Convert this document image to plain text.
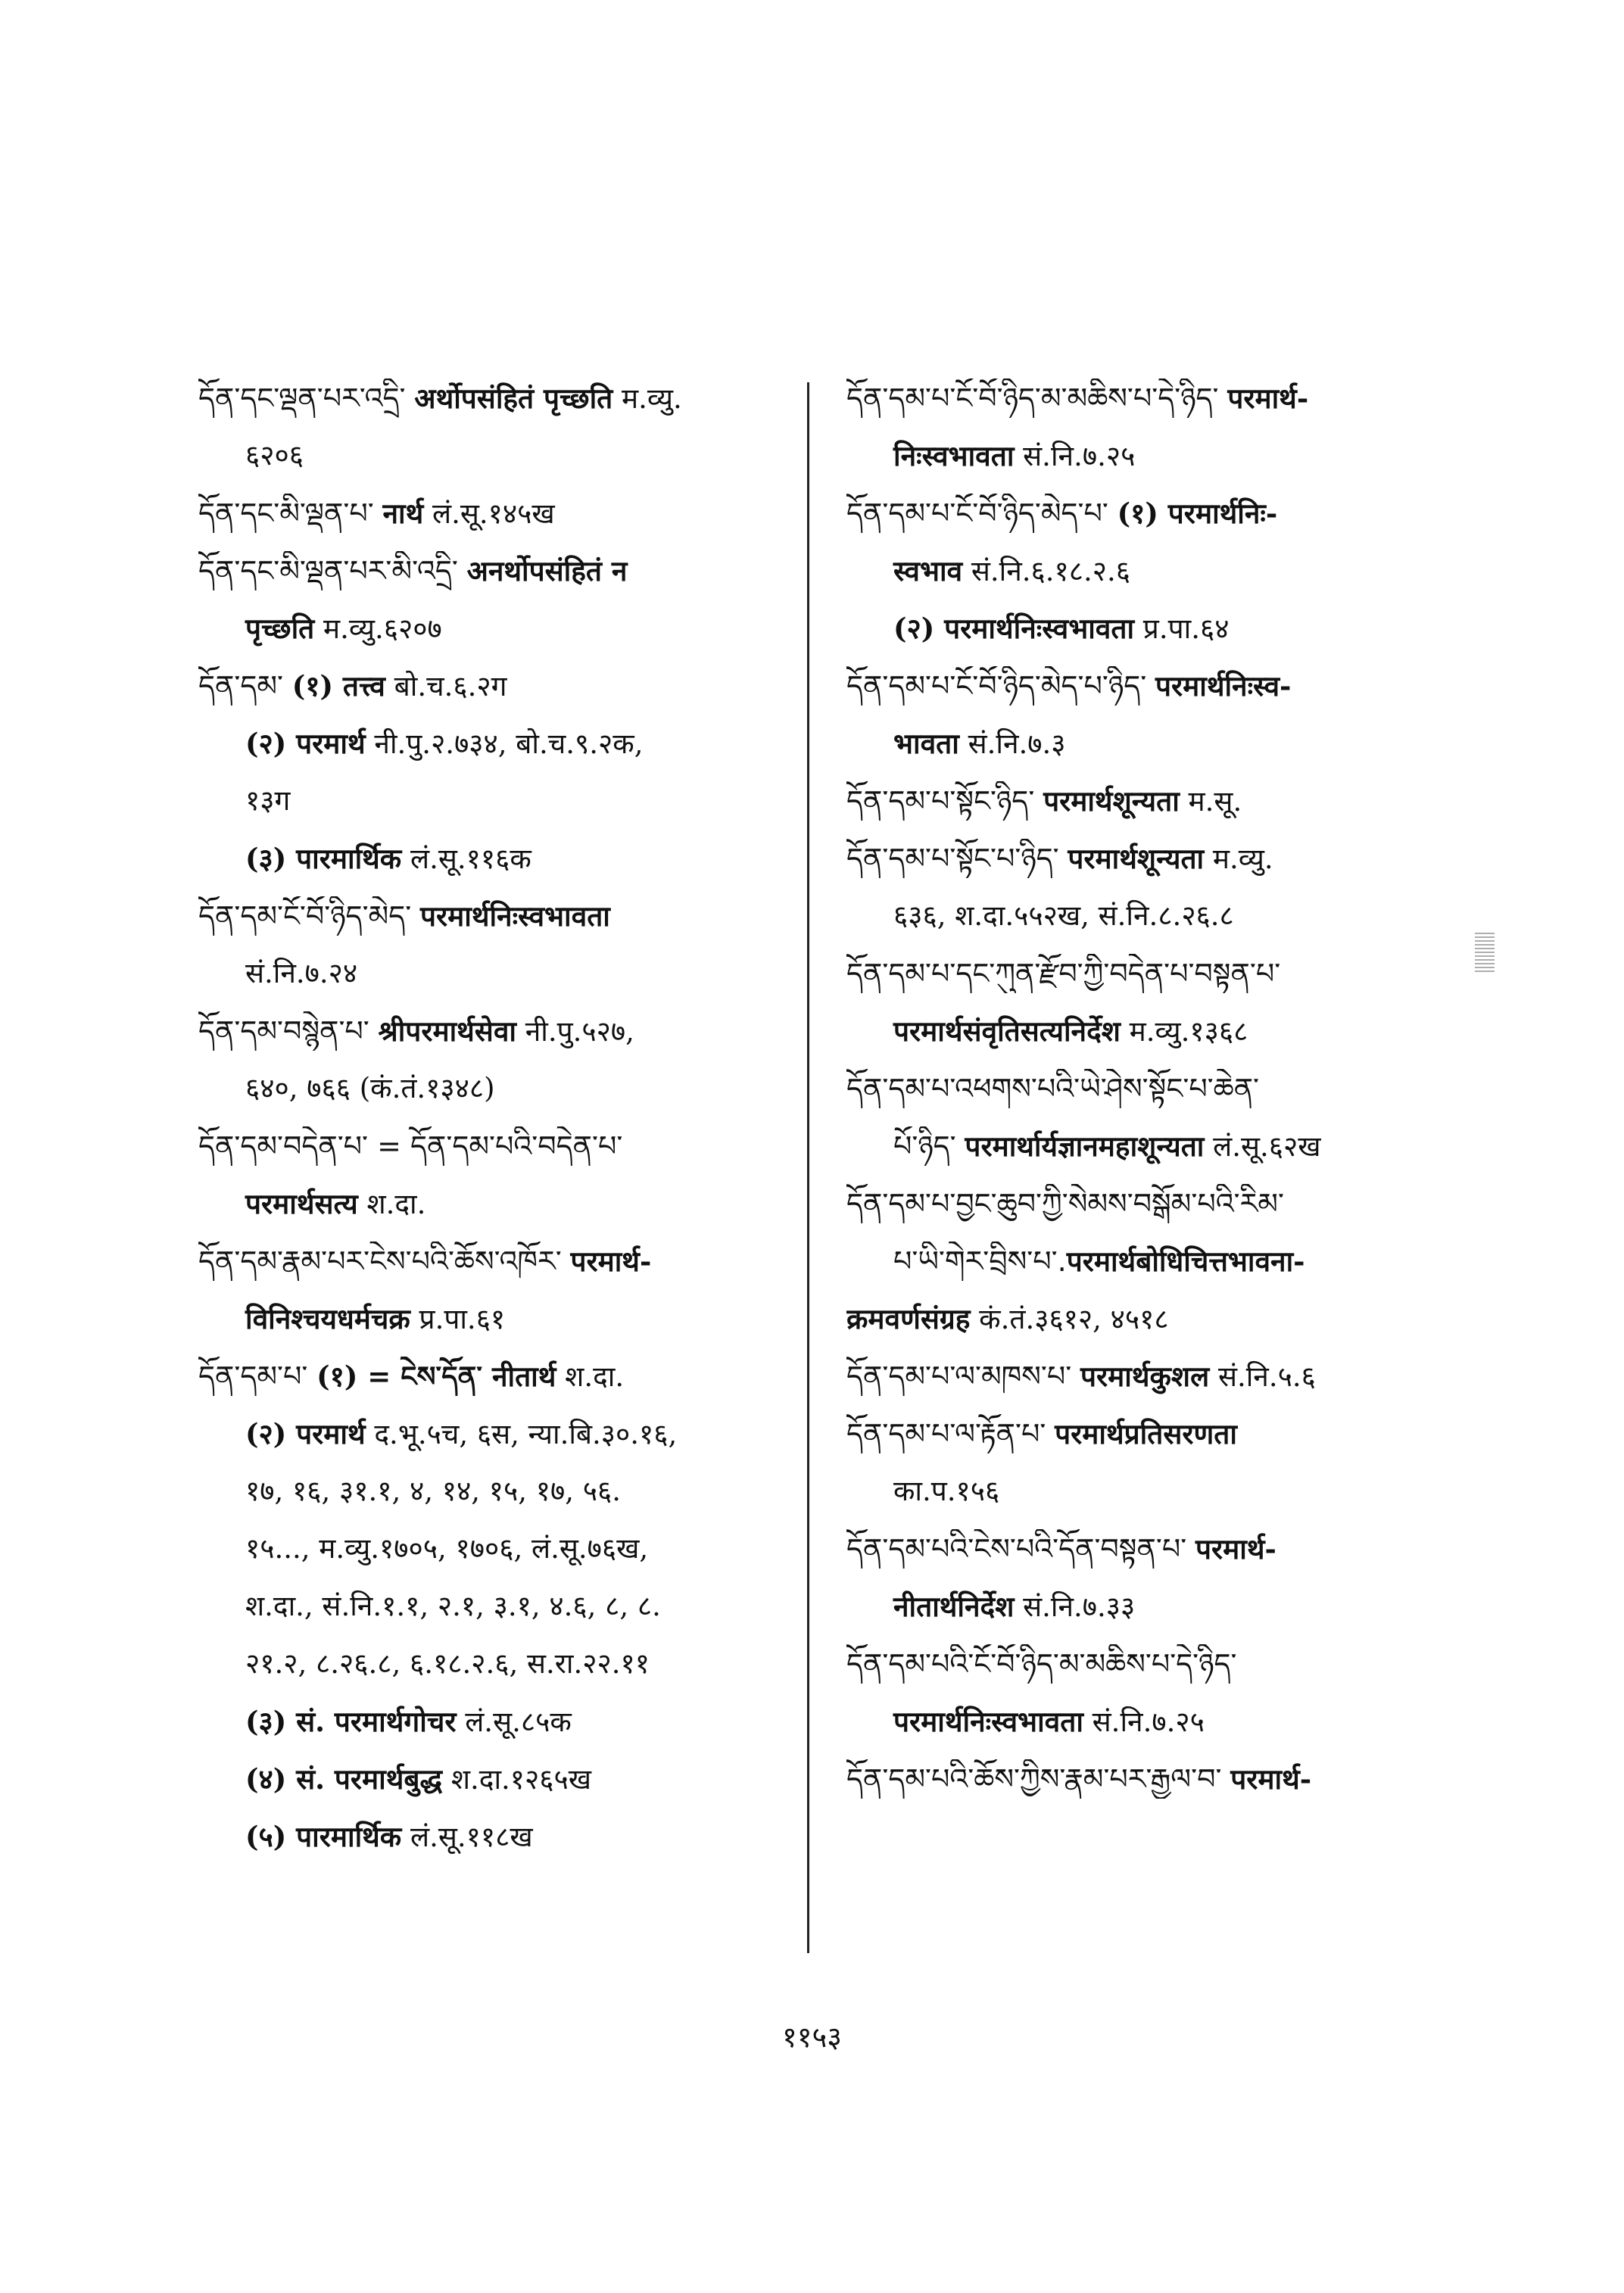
དོན་དང་ལྡན་པར་འདྲི་ अर्थोपसंहितं पृच्छति म.व्यु.
६२०६
དོན་དང་མི་ལྡན་པ་ नार्थ लं.सू.१४५ख
དོན་དང་མི་ལྡན་པར་མི་འདྲི་ अनर्थोपसंहितं न
पृच्छति म.व्यु.६२०७
དོན་དམ་ (१) तत्त्व बो.च.६.२ग
(२) परमार्थ नी.पु.२.७३४, बो.च.९.२क,
१३ग
(३) पारमार्थिक लं.सू.११६क
དོན་དམ་ངོ་བོ་ཉིད་མེད་ परमार्थनिःस्वभावता
सं.नि.७.२४
དོན་དམ་བསྙེན་པ་ श्रीपरमार्थसेवा नी.पु.५२७,
६४०, ७६६ (कं.तं.१३४८)
དོན་དམ་བདེན་པ་ = དོན་དམ་པའི་བདེན་པ་
परमार्थसत्य श.दा.
དོན་དམ་རྣམ་པར་ངེས་པའི་ཆོས་འཁོར་ परमार्थ-
विनिश्चयधर्मचक्र प्र.पा.६१
དོན་དམ་པ་ (१) = ངེས་དོན་ नीतार्थ श.दा.
(२) परमार्थ द.भू.५च, ६स, न्या.बि.३०.१६,
१७, १६, ३१.१, ४, १४, १५, १७, ५६.
१५..., म.व्यु.१७०५, १७०६, लं.सू.७६ख,
श.दा., सं.नि.१.१, २.१, ३.१, ४.६, ८, ८.
२१.२, ८.२६.८, ६.१८.२.६, स.रा.२२.११
(३) सं. परमार्थगोचर लं.सू.८५क
(४) सं. परमार्थबुद्ध श.दा.१२६५ख
(५) पारमार्थिक लं.सू.११८ख
དོན་དམ་པ་ངོ་བོ་ཉིད་མ་མཆིས་པ་དེ་ཉིད་ परमार्थ-
निःस्वभावता सं.नि.७.२५
དོན་དམ་པ་ངོ་བོ་ཉིད་མེད་པ་ (१) परमार्थनिः-
स्वभाव सं.नि.६.१८.२.६
(२) परमार्थनिःस्वभावता प्र.पा.६४
དོན་དམ་པ་ངོ་བོ་ཉིད་མེད་པ་ཉིད་ परमार्थनिःस्व-
भावता सं.नि.७.३
དོན་དམ་པ་སྟོང་ཉིད་ परमार्थशून्यता म.सू.
དོན་དམ་པ་སྟོང་པ་ཉིད་ परमार्थशून्यता म.व्यु.
६३६, श.दा.५५२ख, सं.नि.८.२६.८
དོན་དམ་པ་དང་ཀུན་རྫོབ་ཀྱི་བདེན་པ་བསྟན་པ་
परमार्थसंवृतिसत्यनिर्देश म.व्यु.१३६८
དོན་དམ་པ་འཕགས་པའི་ཡེ་ཤེས་སྟོང་པ་ཆེན་
པོ་ཉིད་ परमार्थार्यज्ञानमहाशून्यता लं.सू.६२ख
དོན་དམ་པ་བྱང་ཆུབ་ཀྱི་སེམས་བསྒོམ་པའི་རིམ་
པ་ཡི་གེར་བྲིས་པ་.परमार्थबोधिचित्तभावना-
क्रमवर्णसंग्रह कं.तं.३६१२, ४५१८
དོན་དམ་པ་ལ་མཁས་པ་ परमार्थकुशल सं.नि.५.६
དོན་དམ་པ་ལ་རྟོན་པ་ परमार्थप्रतिसरणता
का.प.१५६
དོན་དམ་པའི་ངེས་པའི་དོན་བསྟན་པ་ परमार्थ-
नीतार्थनिर्देश सं.नि.७.३३
དོན་དམ་པའི་ངོ་བོ་ཉིད་མ་མཆིས་པ་དེ་ཉིད་
परमार्थनिःस्वभावता सं.नि.७.२५
དོན་དམ་པའི་ཆོས་ཀྱིས་རྣམ་པར་རྒྱལ་བ་ परमार्थ-
११५३
